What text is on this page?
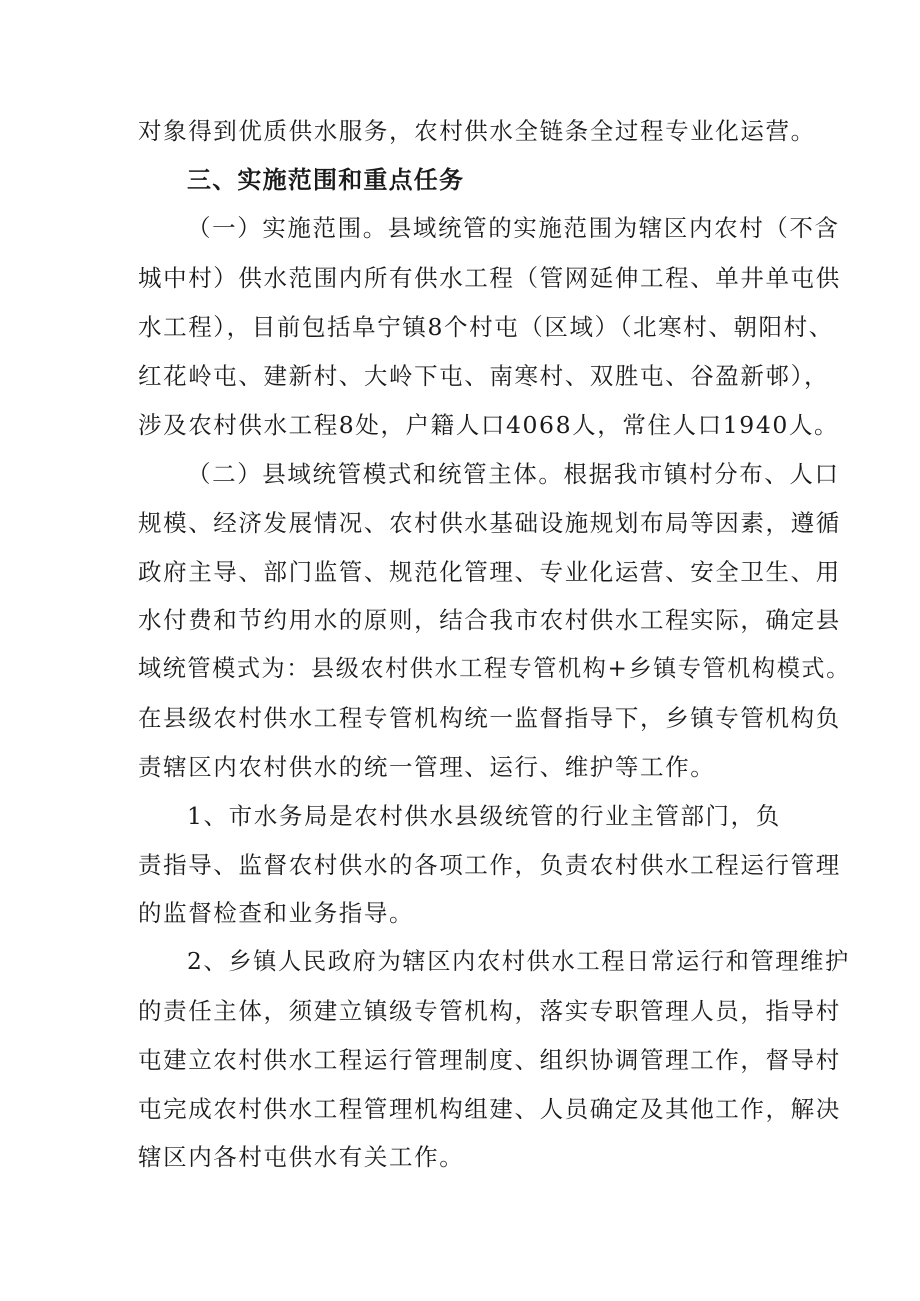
对象得到优质供水服务，农村供水全链条全过程专业化运营。
三、实施范围和重点任务
（一）实施范围。县域统管的实施范围为辖区内农村（不含
城中村）供水范围内所有供水工程（管网延伸工程、单井单屯供
水工程），目前包括阜宁镇8个村屯（区域）（北寒村、朝阳村、
红花岭屯、建新村、大岭下屯、南寒村、双胜屯、谷盈新邨），
涉及农村供水工程8处，户籍人口4068人，常住人口1940人。
（二）县域统管模式和统管主体。根据我市镇村分布、人口
规模、经济发展情况、农村供水基础设施规划布局等因素，遵循
政府主导、部门监管、规范化管理、专业化运营、安全卫生、用
水付费和节约用水的原则，结合我市农村供水工程实际，确定县
域统管模式为：县级农村供水工程专管机构+乡镇专管机构模式。
在县级农村供水工程专管机构统一监督指导下，乡镇专管机构负
责辖区内农村供水的统一管理、运行、维护等工作。
1、市水务局是农村供水县级统管的行业主管部门，负
责指导、监督农村供水的各项工作，负责农村供水工程运行管理
的监督检查和业务指导。
2、乡镇人民政府为辖区内农村供水工程日常运行和管理维护
的责任主体，须建立镇级专管机构，落实专职管理人员，指导村
屯建立农村供水工程运行管理制度、组织协调管理工作，督导村
屯完成农村供水工程管理机构组建、人员确定及其他工作，解决
辖区内各村屯供水有关工作。
